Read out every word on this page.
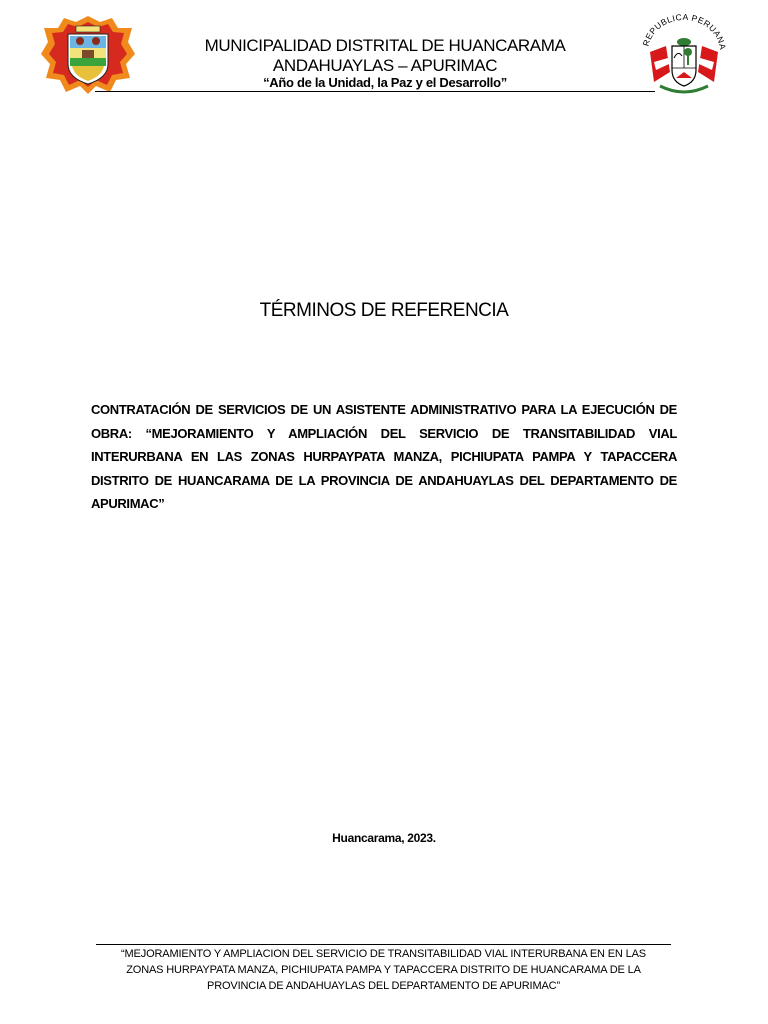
MUNICIPALIDAD DISTRITAL DE HUANCARAMA
ANDAHUAYLAS – APURIMAC
“Año de la Unidad, la Paz y el Desarrollo”
REPUBLICA PERUANA
TÉRMINOS DE REFERENCIA
CONTRATACIÓN DE SERVICIOS DE UN ASISTENTE ADMINISTRATIVO PARA LA EJECUCIÓN DE OBRA: “MEJORAMIENTO Y AMPLIACIÓN DEL SERVICIO DE TRANSITABILIDAD VIAL INTERURBANA EN LAS ZONAS HURPAYPATA MANZA, PICHIUPATA PAMPA Y TAPACCERA DISTRITO DE HUANCARAMA DE LA PROVINCIA DE ANDAHUAYLAS DEL DEPARTAMENTO DE APURIMAC”
Huancarama, 2023.
“MEJORAMIENTO Y AMPLIACION DEL SERVICIO DE TRANSITABILIDAD VIAL INTERURBANA EN EN LAS
ZONAS HURPAYPATA MANZA, PICHIUPATA PAMPA Y TAPACCERA DISTRITO DE HUANCARAMA DE LA
PROVINCIA DE ANDAHUAYLAS DEL DEPARTAMENTO DE APURIMAC”
